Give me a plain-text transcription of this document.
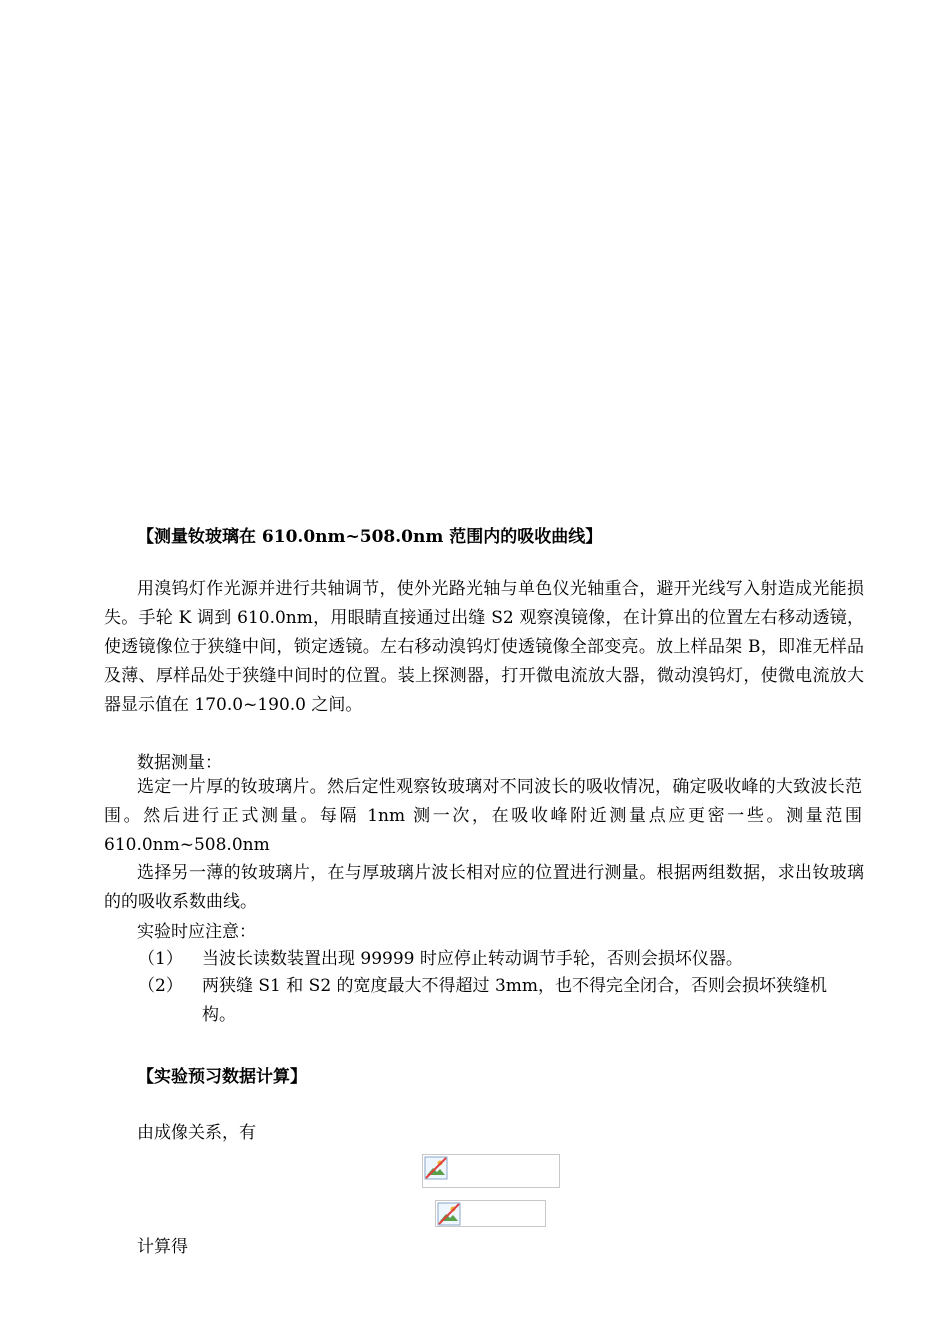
【测量钕玻璃在 610.0nm~508.0nm 范围内的吸收曲线】
用溴钨灯作光源并进行共轴调节，使外光路光轴与单色仪光轴重合，避开光线写入射造成光能损失。手轮 K 调到 610.0nm，用眼睛直接通过出缝 S2 观察溴镜像，在计算出的位置左右移动透镜，使透镜像位于狭缝中间，锁定透镜。左右移动溴钨灯使透镜像全部变亮。放上样品架 B，即准无样品及薄、厚样品处于狭缝中间时的位置。装上探测器，打开微电流放大器，微动溴钨灯，使微电流放大器显示值在 170.0~190.0 之间。
数据测量：
选定一片厚的钕玻璃片。然后定性观察钕玻璃对不同波长的吸收情况，确定吸收峰的大致波长范围。然后进行正式测量。每隔 1nm 测一次，在吸收峰附近测量点应更密一些。测量范围 610.0nm~508.0nm
选择另一薄的钕玻璃片，在与厚玻璃片波长相对应的位置进行测量。根据两组数据，求出钕玻璃的的吸收系数曲线。
实验时应注意：
（1） 当波长读数装置出现 99999 时应停止转动调节手轮，否则会损坏仪器。
（2） 两狭缝 S1 和 S2 的宽度最大不得超过 3mm，也不得完全闭合，否则会损坏狭缝机构。
【实验预习数据计算】
由成像关系，有
计算得
